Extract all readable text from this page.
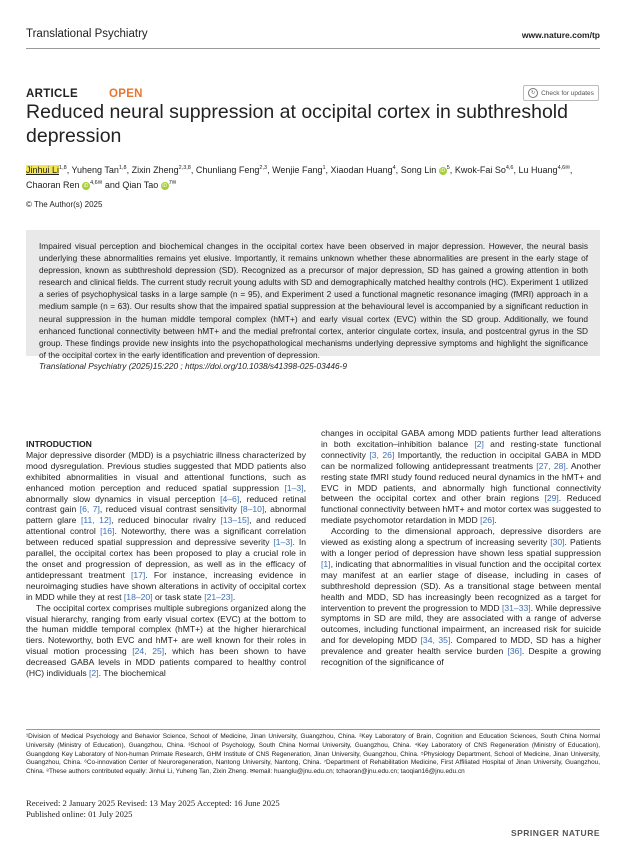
Translational Psychiatry	www.nature.com/tp
ARTICLE	OPEN	↻ Check for updates
Reduced neural suppression at occipital cortex in subthreshold depression
Jinhui Li$^{1,8}$, Yuheng Tan$^{1,8}$, Zixin Zheng$^{2,3,8}$, Chunliang Feng$^{2,3}$, Wenjie Fang$^1$, Xiaodan Huang$^4$, Song Lin iD $^5$, Kwok-Fai So$^{4,6}$, Lu Huang$^{4,6✉}$, Chaoran Ren iD $^{4,6✉}$ and Qian Tao iD $^{7✉}$
© The Author(s) 2025
Impaired visual perception and biochemical changes in the occipital cortex have been observed in major depression. However, the neural basis underlying these abnormalities remains yet elusive. Importantly, it remains unknown whether these abnormalities are present in the early stage of depression, known as subthreshold depression (SD). Recognized as a precursor of major depression, SD has gained a growing attention in both research and clinical fields. The current study recruit young adults with SD and demographically matched healthy controls (HC). Experiment 1 utilized a series of psychophysical tasks in a large sample (n = 95), and Experiment 2 used a functional magnetic resonance imaging (fMRI) approach in a medium sample (n = 63). Our results show that the impaired spatial suppression at the behavioural level is accompanied by a significant reduction in neural suppression in the human middle temporal complex (hMT+) and early visual cortex (EVC) within the SD group. Additionally, we found enhanced functional connectivity between hMT+ and the medial prefrontal cortex, anterior cingulate cortex, insula, and postcentral gyrus in the SD group. These findings provide new insights into the psychopathological mechanisms underlying depressive symptoms and highlight the significance of the occipital cortex in the early identification and prevention of depression.
Translational Psychiatry (2025)15:220 ; https://doi.org/10.1038/s41398-025-03446-9
INTRODUCTION

Major depressive disorder (MDD) is a psychiatric illness characterized by mood dysregulation. Previous studies suggested that MDD patients also exhibited abnormalities in visual and attentional functions, such as enhanced motion perception and reduced spatial suppression [1–3], abnormally slow dynamics in visual perception [4–6], reduced retinal contrast gain [6, 7], reduced visual contrast sensitivity [8–10], abnormal pattern glare [11, 12], reduced binocular rivalry [13–15], and reduced attentional control [16]. Noteworthy, there was a significant correlation between reduced spatial suppression and depressive severity [1–3]. In parallel, the occipital cortex has been proposed to play a crucial role in the onset and progression of depression, as well as in the efficacy of antidepressant treatment [17]. For instance, increasing evidence in neuroimaging studies have shown alterations in activity of occipital cortex in MDD while they at rest [18–20] or task state [21–23].

The occipital cortex comprises multiple subregions organized along the visual hierarchy, ranging from early visual cortex (EVC) at the bottom to the human middle temporal complex (hMT+) at the higher hierarchical tiers. Noteworthy, both EVC and hMT+ are well known for their roles in visual motion processing [24, 25], which has been shown to have decreased GABA levels in MDD patients compared to healthy control (HC) individuals [2]. The biochemical

changes in occipital GABA among MDD patients further lead alterations in both excitation–inhibition balance [2] and resting-state functional connectivity [3, 26] Importantly, the reduction in occipital GABA in MDD can be normalized following antidepressant treatments [27, 28]. Another resting state fMRI study found reduced neural dynamics in the hMT+ and EVC in MDD patients, and abnormally high functional connectivity between the occipital cortex and other brain regions [29]. Reduced functional connectivity between hMT+ and motor cortex was suggested to mediate psychomotor retardation in MDD [26].

According to the dimensional approach, depressive disorders are viewed as existing along a spectrum of increasing severity [30]. Patients with a longer period of depression have shown less spatial suppression [1], indicating that abnormalities in visual function and the occipital cortex may manifest at an earlier stage of disease, including in cases of subthreshold depression (SD). As a transitional stage between mental health and MDD, SD has increasingly been recognized as a target for intervention to prevent the progression to MDD [31–33]. While depressive symptoms in SD are mild, they are associated with a range of adverse outcomes, including functional impairment, an increased risk for suicide and for developing MDD [34, 35]. Compared to MDD, SD has a higher prevalence and greater health service burden [36]. Despite a growing recognition of the significance of

¹Division of Medical Psychology and Behavior Science, School of Medicine, Jinan University, Guangzhou, China. ²Key Laboratory of Brain, Cognition and Education Sciences, South China Normal University (Ministry of Education), Guangzhou, China. ³School of Psychology, South China Normal University, Guangzhou, China. ⁴Key Laboratory of CNS Regeneration (Ministry of Education), Guangdong Key Laboratory of Non-human Primate Research, GHM Institute of CNS Regeneration, Jinan University, Guangzhou, China. ⁵Physiology Department, School of Medicine, Jinan University, Guangzhou, China. ⁶Co-innovation Center of Neuroregeneration, Nantong University, Nantong, China. ⁷Department of Rehabilitation Medicine, First Affiliated Hospital of Jinan University, Guangzhou, China. ⁸These authors contributed equally: Jinhui Li, Yuheng Tan, Zixin Zheng. ✉email: huanglu@jnu.edu.cn; tchaoran@jnu.edu.cn; taoqian16@jnu.edu.cn
Received: 2 January 2025 Revised: 13 May 2025 Accepted: 16 June 2025
Published online: 01 July 2025
SPRINGER NATURE
